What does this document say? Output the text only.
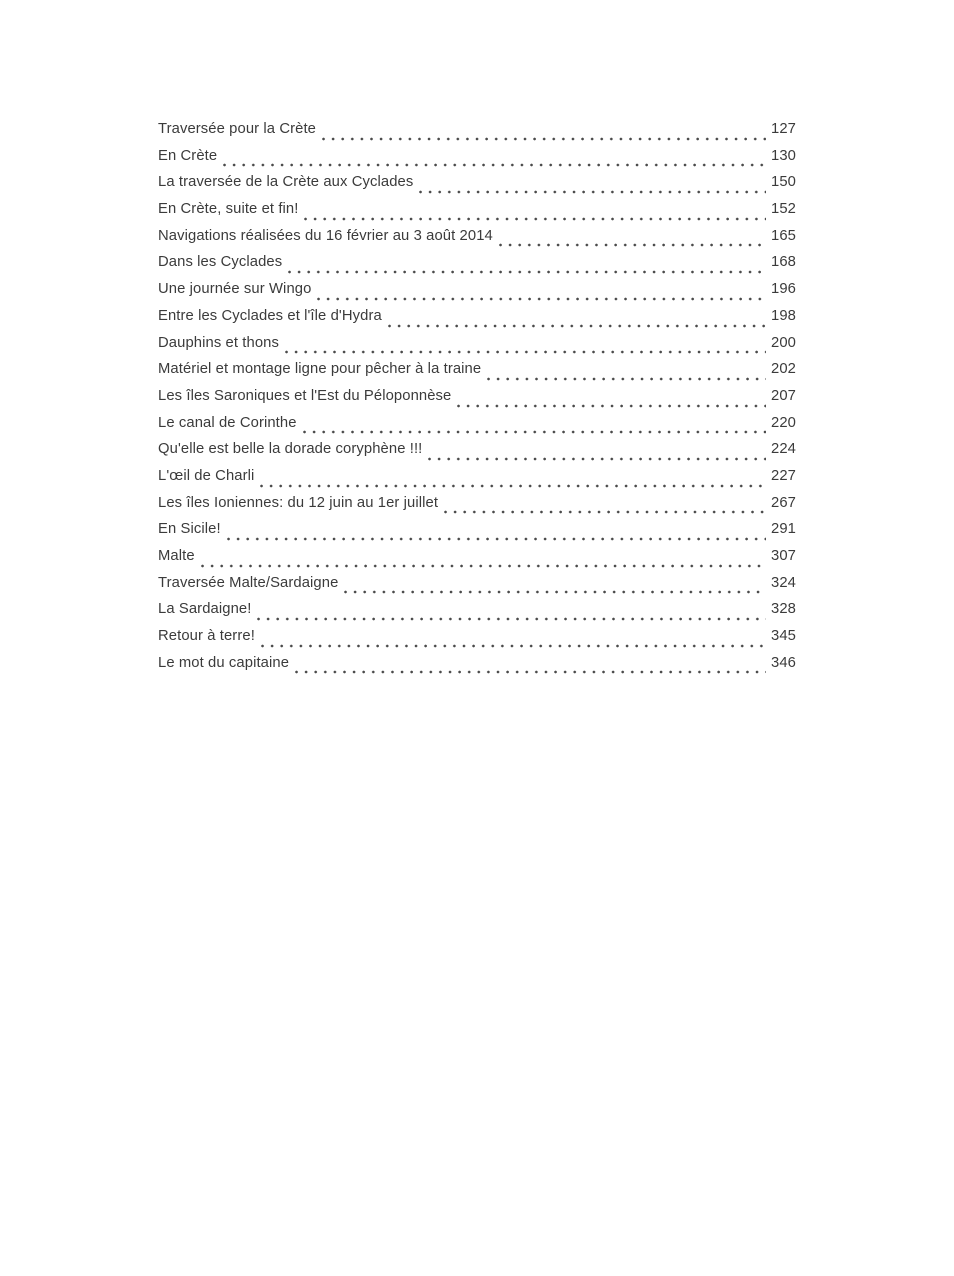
Traversée pour la Crète	127
En Crète	130
La traversée de la Crète aux Cyclades	150
En Crète, suite et fin!	152
Navigations réalisées du 16 février au 3 août 2014	165
Dans les Cyclades	168
Une journée sur Wingo	196
Entre les Cyclades et l'île d'Hydra	198
Dauphins et thons	200
Matériel et montage ligne pour pêcher à la traine	202
Les îles Saroniques et l'Est du Péloponnèse	207
Le canal de Corinthe	220
Qu'elle est belle la dorade coryphène !!!	224
L'œil de Charli	227
Les îles Ioniennes: du 12 juin au 1er juillet	267
En Sicile!	291
Malte	307
Traversée Malte/Sardaigne	324
La Sardaigne!	328
Retour à terre!	345
Le mot du capitaine	346
